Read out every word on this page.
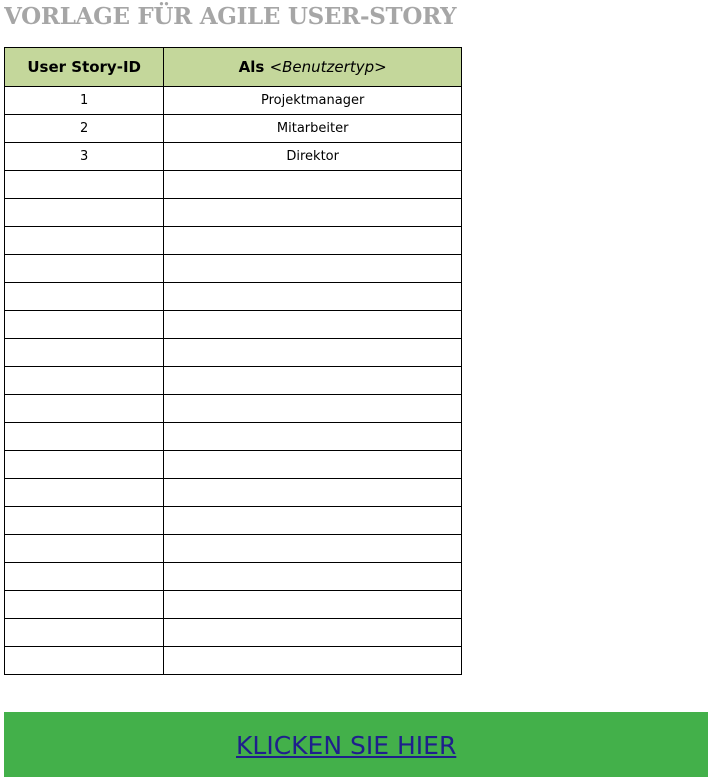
VORLAGE FÜR AGILE USER-STORY
User Story-ID	Als <Benutzertyp>
1	Projektmanager
2	Mitarbeiter
3	Direktor

KLICKEN SIE HIER
